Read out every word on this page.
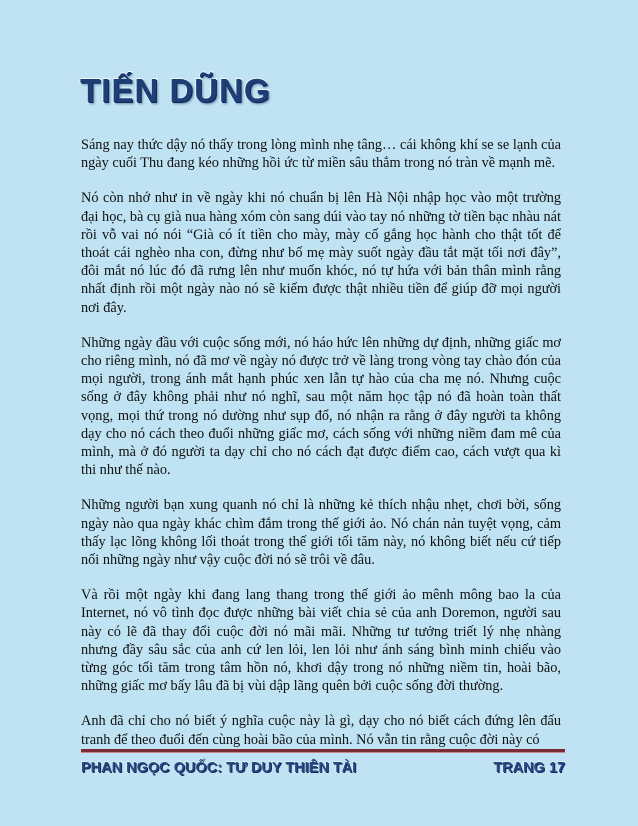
TIẾN DŨNG

Sáng nay thức dậy nó thấy trong lòng mình nhẹ tâng… cái không khí se se lạnh của ngày cuối Thu đang kéo những hồi ức từ miền sâu thẳm trong nó tràn về mạnh mẽ.

Nó còn nhớ như in về ngày khi nó chuẩn bị lên Hà Nội nhập học vào một trường đại học, bà cụ già nua hàng xóm còn sang dúi vào tay nó những tờ tiền bạc nhàu nát rồi vỗ vai nó nói “Già có ít tiền cho mày, mày cố gắng học hành cho thật tốt để thoát cái nghèo nha con, đừng như bố mẹ mày suốt ngày đầu tắt mặt tối nơi đây”, đôi mắt nó lúc đó đã rưng lên như muốn khóc, nó tự hứa với bản thân mình rằng nhất định rồi một ngày nào nó sẽ kiếm được thật nhiều tiền để giúp đỡ mọi người nơi đây.

Những ngày đầu với cuộc sống mới, nó háo hức lên những dự định, những giấc mơ cho riêng mình, nó đã mơ về ngày nó được trở về làng trong vòng tay chào đón của mọi người, trong ánh mắt hạnh phúc xen lẫn tự hào của cha mẹ nó. Nhưng cuộc sống ở đây không phải như nó nghĩ, sau một năm học tập nó đã hoàn toàn thất vọng, mọi thứ trong nó dường như sụp đổ, nó nhận ra rằng ở đây người ta không dạy cho nó cách theo đuổi những giấc mơ, cách sống với những niềm đam mê của mình, mà ở đó người ta dạy chỉ cho nó cách đạt được điểm cao, cách vượt qua kì thi như thế nào.

Những người bạn xung quanh nó chỉ là những kẻ thích nhậu nhẹt, chơi bời, sống ngày nào qua ngày khác chìm đắm trong thế giới ảo. Nó chán nản tuyệt vọng, cảm thấy lạc lõng không lối thoát trong thế giới tối tăm này, nó không biết nếu cứ tiếp nối những ngày như vậy cuộc đời nó sẽ trôi về đâu.

Và rồi một ngày khi đang lang thang trong thế giới ảo mênh mông bao la của Internet, nó vô tình đọc được những bài viết chia sẻ của anh Doremon, người sau này có lẽ đã thay đổi cuộc đời nó mãi mãi. Những tư tưởng triết lý nhẹ nhàng nhưng đầy sâu sắc của anh cứ len lỏi, len lỏi như ánh sáng bình minh chiếu vào từng góc tối tăm trong tâm hồn nó, khơi dậy trong nó những niềm tin, hoài bão, những giấc mơ bấy lâu đã bị vùi dập lãng quên bởi cuộc sống đời thường.

Anh đã chỉ cho nó biết ý nghĩa cuộc này là gì, dạy cho nó biết cách đứng lên đấu tranh để theo đuổi đến cùng hoài bão của mình. Nó vẫn tin rằng cuộc đời này có

PHAN NGỌC QUỐC: TƯ DUY THIÊN TÀI	TRANG 17
